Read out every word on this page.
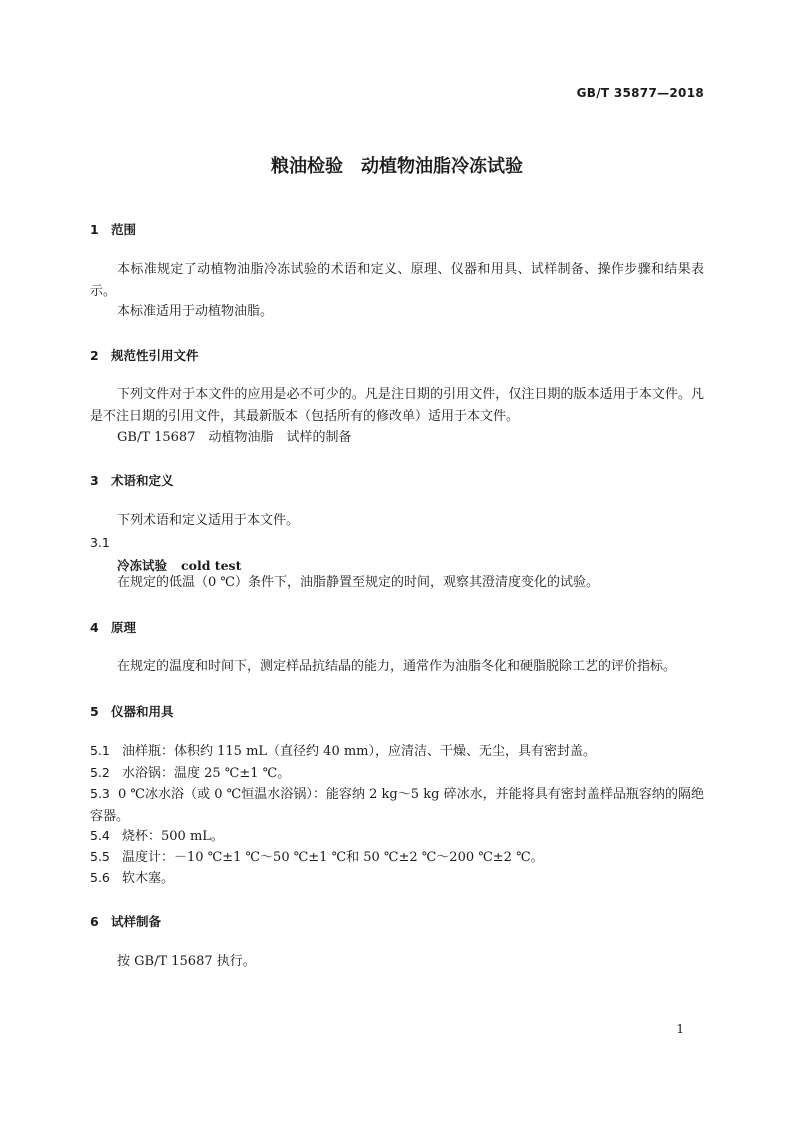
GB/T 35877—2018
粮油检验　动植物油脂冷冻试验
1 范围
本标准规定了动植物油脂冷冻试验的术语和定义、原理、仪器和用具、试样制备、操作步骤和结果表示。
本标准适用于动植物油脂。
2 规范性引用文件
下列文件对于本文件的应用是必不可少的。凡是注日期的引用文件，仅注日期的版本适用于本文件。凡是不注日期的引用文件，其最新版本（包括所有的修改单）适用于本文件。
GB/T 15687　动植物油脂　试样的制备
3 术语和定义
下列术语和定义适用于本文件。
3.1
冷冻试验 cold test
在规定的低温（0 ℃）条件下，油脂静置至规定的时间，观察其澄清度变化的试验。
4 原理
在规定的温度和时间下，测定样品抗结晶的能力，通常作为油脂冬化和硬脂脱除工艺的评价指标。
5 仪器和用具
5.1 油样瓶：体积约 115 mL（直径约 40 mm），应清洁、干燥、无尘，具有密封盖。
5.2 水浴锅：温度 25 ℃±1 ℃。
5.3 0 ℃冰水浴（或 0 ℃恒温水浴锅）：能容纳 2 kg～5 kg 碎冰水，并能将具有密封盖样品瓶容纳的隔绝容器。
5.4 烧杯：500 mL。
5.5 温度计：－10 ℃±1 ℃～50 ℃±1 ℃和 50 ℃±2 ℃～200 ℃±2 ℃。
5.6 软木塞。
6 试样制备
按 GB/T 15687 执行。
1
